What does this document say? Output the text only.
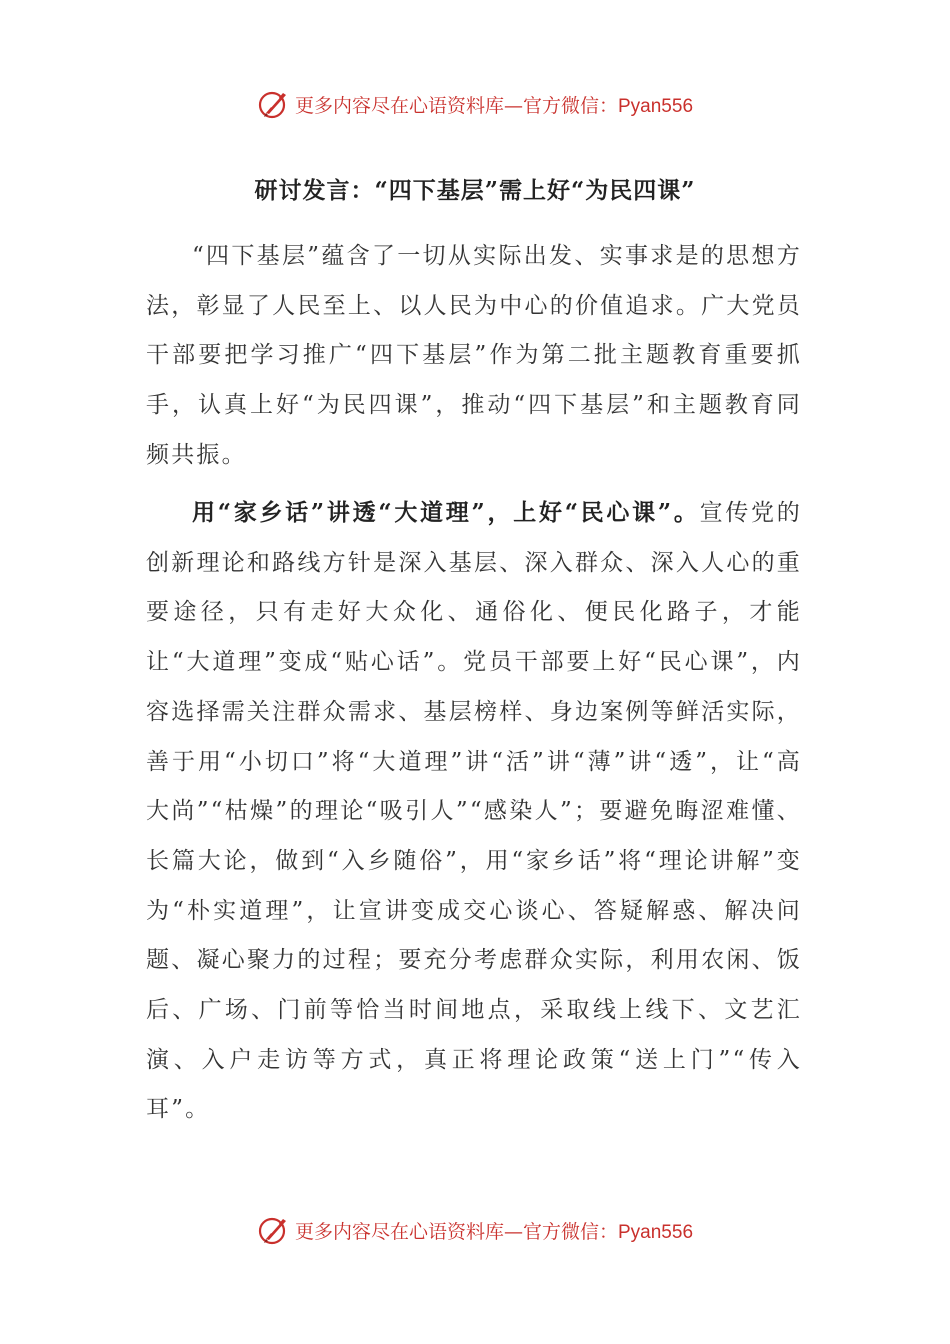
更多内容尽在心语资料库—官方微信：Pyan556
研讨发言：“四下基层”需上好“为民四课”

“四下基层”蕴含了一切从实际出发、实事求是的思想方法，彰显了人民至上、以人民为中心的价值追求。广大党员干部要把学习推广“四下基层”作为第二批主题教育重要抓手，认真上好“为民四课”，推动“四下基层”和主题教育同频共振。

用“家乡话”讲透“大道理”，上好“民心课”。宣传党的创新理论和路线方针是深入基层、深入群众、深入人心的重要途径，只有走好大众化、通俗化、便民化路子，才能让“大道理”变成“贴心话”。党员干部要上好“民心课”，内容选择需关注群众需求、基层榜样、身边案例等鲜活实际，善于用“小切口”将“大道理”讲“活”讲“薄”讲“透”，让“高大尚”“枯燥”的理论“吸引人”“感染人”；要避免晦涩难懂、长篇大论，做到“入乡随俗”，用“家乡话”将“理论讲解”变为“朴实道理”，让宣讲变成交心谈心、答疑解惑、解决问题、凝心聚力的过程；要充分考虑群众实际，利用农闲、饭后、广场、门前等恰当时间地点，采取线上线下、文艺汇演、入户走访等方式，真正将理论政策“送上门”“传入耳”。

更多内容尽在心语资料库—官方微信：Pyan556
